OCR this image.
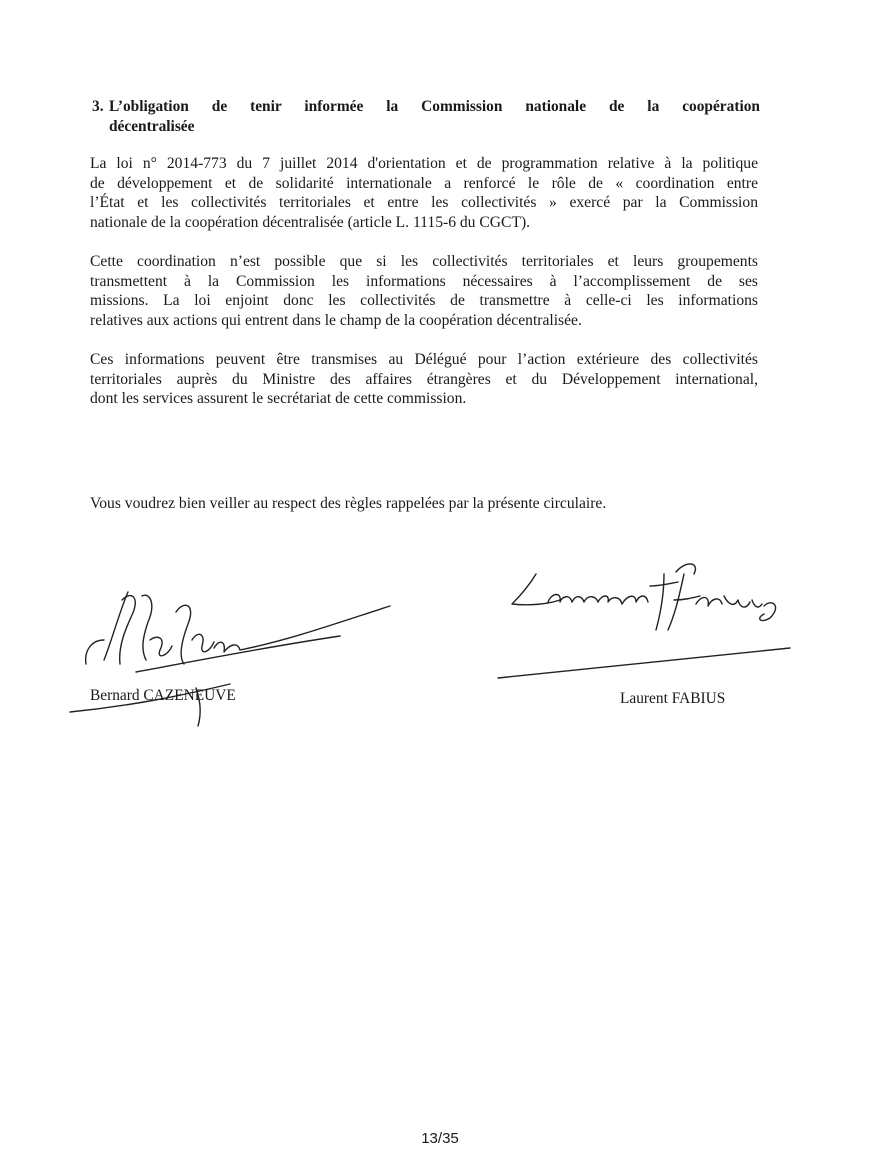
3. L’obligation de tenir informée la Commission nationale de la coopération
décentralisée
La loi n° 2014-773 du 7 juillet 2014 d'orientation et de programmation relative à la politique
de développement et de solidarité internationale a renforcé le rôle de « coordination entre
l’État et les collectivités territoriales et entre les collectivités » exercé par la Commission
nationale de la coopération décentralisée (article L. 1115-6 du CGCT).
Cette coordination n’est possible que si les collectivités territoriales et leurs groupements
transmettent à la Commission les informations nécessaires à l’accomplissement de ses
missions. La loi enjoint donc les collectivités de transmettre à celle-ci les informations
relatives aux actions qui entrent dans le champ de la coopération décentralisée.
Ces informations peuvent être transmises au Délégué pour l’action extérieure des collectivités
territoriales auprès du Ministre des affaires étrangères et du Développement international,
dont les services assurent le secrétariat de cette commission.
Vous voudrez bien veiller au respect des règles rappelées par la présente circulaire.
Bernard CAZENEUVE	Laurent FABIUS
13/35
